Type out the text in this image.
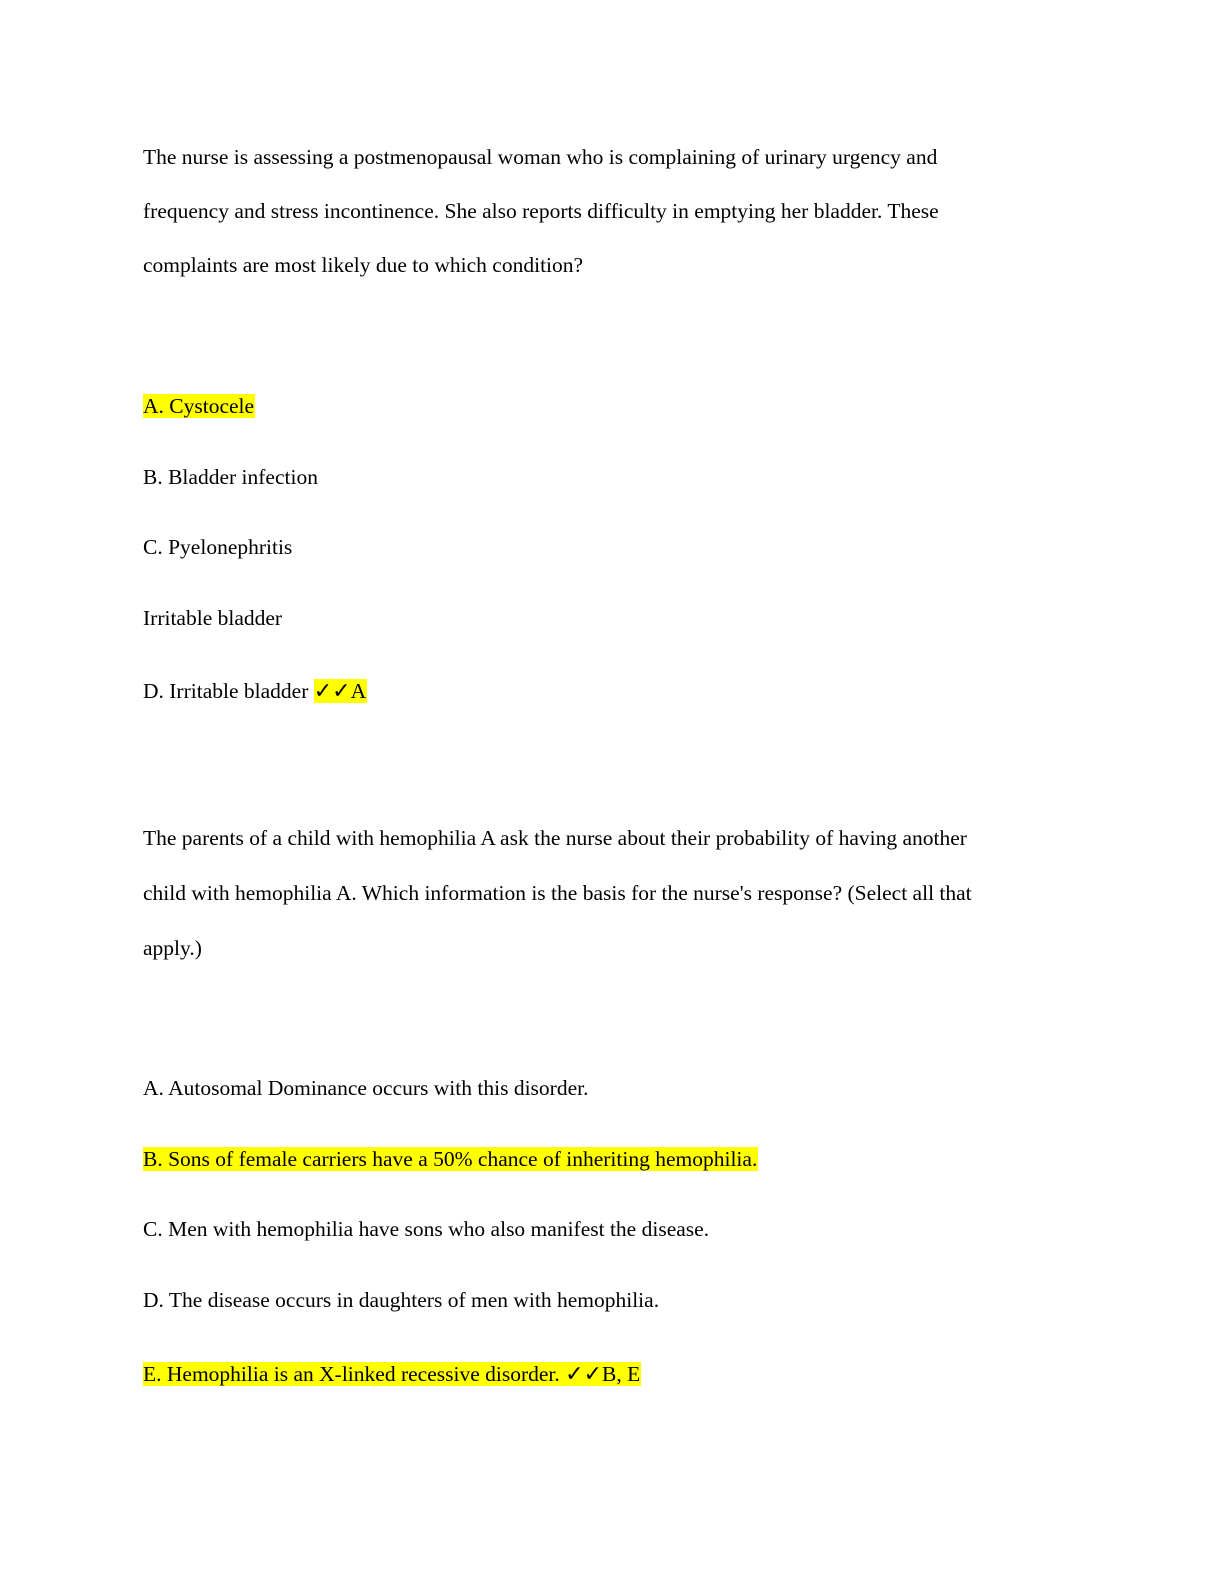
The nurse is assessing a postmenopausal woman who is complaining of urinary urgency and
frequency and stress incontinence. She also reports difficulty in emptying her bladder. These
complaints are most likely due to which condition?
A. Cystocele
B. Bladder infection
C. Pyelonephritis
Irritable bladder
D. Irritable bladder ✓✓A
The parents of a child with hemophilia A ask the nurse about their probability of having another
child with hemophilia A. Which information is the basis for the nurse's response? (Select all that
apply.)
A. Autosomal Dominance occurs with this disorder.
B. Sons of female carriers have a 50% chance of inheriting hemophilia.
C. Men with hemophilia have sons who also manifest the disease.
D. The disease occurs in daughters of men with hemophilia.
E. Hemophilia is an X-linked recessive disorder. ✓✓B, E
